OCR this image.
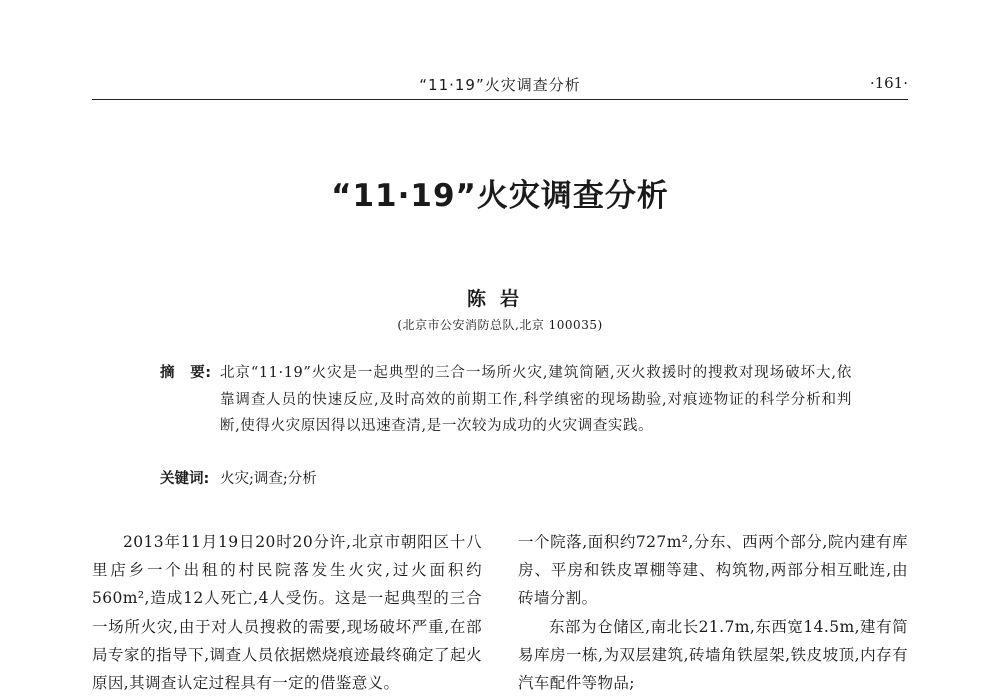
“11·19”火灾调查分析	·161·
“11·19”火灾调查分析
陈岩
(北京市公安消防总队,北京 100035)
摘　要: 北京“11·19”火灾是一起典型的三合一场所火灾,建筑简陋,灭火救援时的搜救对现场破坏大,依靠调查人员的快速反应,及时高效的前期工作,科学缜密的现场勘验,对痕迹物证的科学分析和判断,使得火灾原因得以迅速查清,是一次较为成功的火灾调查实践。
关键词: 火灾;调查;分析

2013年11月19日20时20分许,北京市朝阳区十八里店乡一个出租的村民院落发生火灾,过火面积约560m²,造成12人死亡,4人受伤。这是一起典型的三合一场所火灾,由于对人员搜救的需要,现场破坏严重,在部局专家的指导下,调查人员依据燃烧痕迹最终确定了起火原因,其调查认定过程具有一定的借鉴意义。

一个院落,面积约727m²,分东、西两个部分,院内建有库房、平房和铁皮罩棚等建、构筑物,两部分相互毗连,由砖墙分割。

东部为仓储区,南北长21.7m,东西宽14.5m,建有简易库房一栋,为双层建筑,砖墙角铁屋架,铁皮坡顶,内存有汽车配件等物品;
